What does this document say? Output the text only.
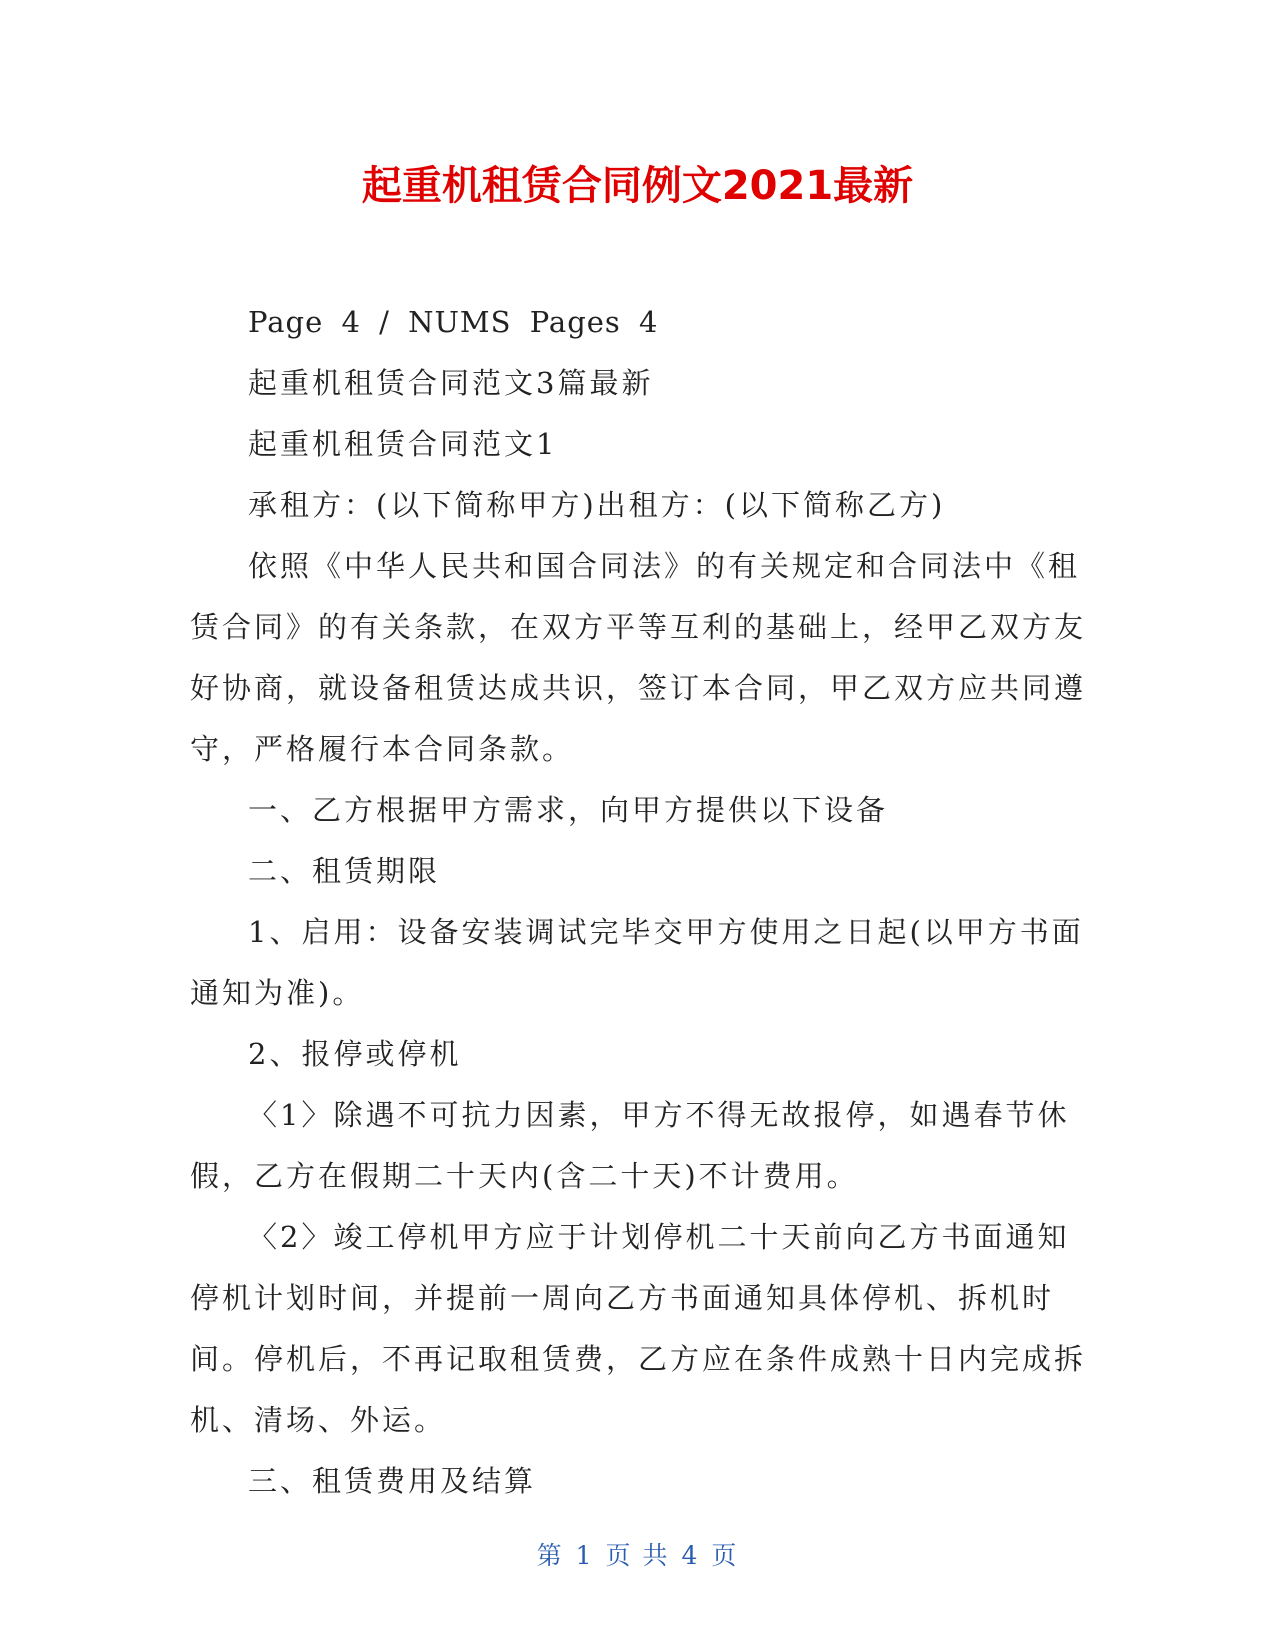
起重机租赁合同例文2021最新

Page 4 / NUMS Pages 4

起重机租赁合同范文3篇最新

起重机租赁合同范文1

承租方：(以下简称甲方)出租方：(以下简称乙方)

依照《中华人民共和国合同法》的有关规定和合同法中《租赁合同》的有关条款，在双方平等互利的基础上，经甲乙双方友好协商，就设备租赁达成共识，签订本合同，甲乙双方应共同遵守，严格履行本合同条款。

一、乙方根据甲方需求，向甲方提供以下设备

二、租赁期限

1、启用：设备安装调试完毕交甲方使用之日起(以甲方书面通知为准)。

2、报停或停机

〈1〉除遇不可抗力因素，甲方不得无故报停，如遇春节休假，乙方在假期二十天内(含二十天)不计费用。

〈2〉竣工停机甲方应于计划停机二十天前向乙方书面通知停机计划时间，并提前一周向乙方书面通知具体停机、拆机时间。停机后，不再记取租赁费，乙方应在条件成熟十日内完成拆机、清场、外运。

三、租赁费用及结算

第 1 页 共 4 页
